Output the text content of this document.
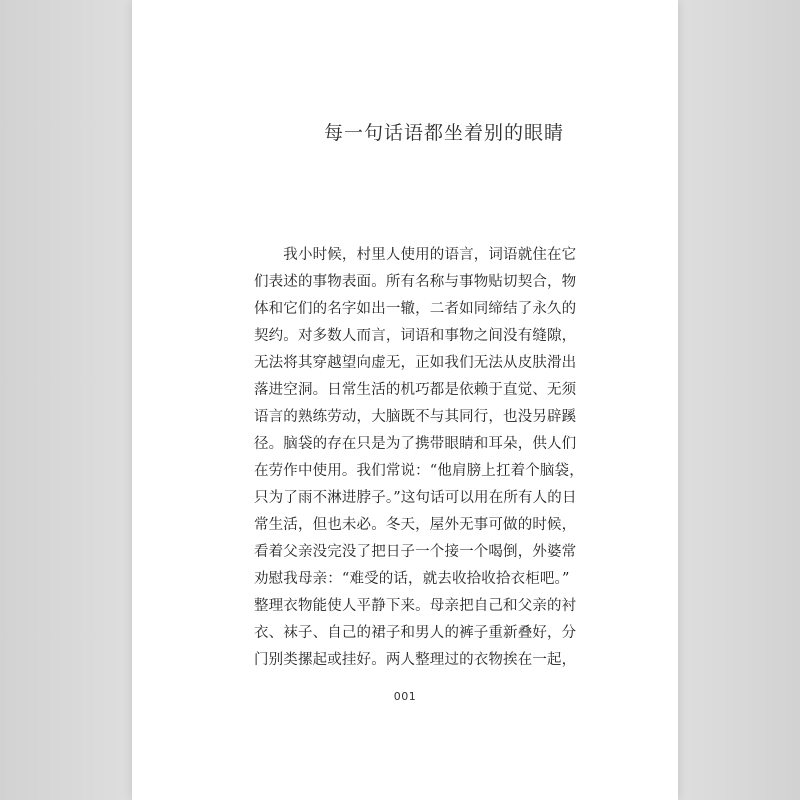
每一句话语都坐着别的眼睛
　　我小时候，村里人使用的语言，词语就住在它
们表述的事物表面。所有名称与事物贴切契合，物
体和它们的名字如出一辙，二者如同缔结了永久的
契约。对多数人而言，词语和事物之间没有缝隙，
无法将其穿越望向虚无，正如我们无法从皮肤滑出
落进空洞。日常生活的机巧都是依赖于直觉、无须
语言的熟练劳动，大脑既不与其同行，也没另辟蹊
径。脑袋的存在只是为了携带眼睛和耳朵，供人们
在劳作中使用。我们常说：“他肩膀上扛着个脑袋，
只为了雨不淋进脖子。”这句话可以用在所有人的日
常生活，但也未必。冬天，屋外无事可做的时候，
看着父亲没完没了把日子一个接一个喝倒，外婆常
劝慰我母亲：“难受的话，就去收拾收拾衣柜吧。”
整理衣物能使人平静下来。母亲把自己和父亲的衬
衣、袜子、自己的裙子和男人的裤子重新叠好，分
门别类摞起或挂好。两人整理过的衣物挨在一起，
001
